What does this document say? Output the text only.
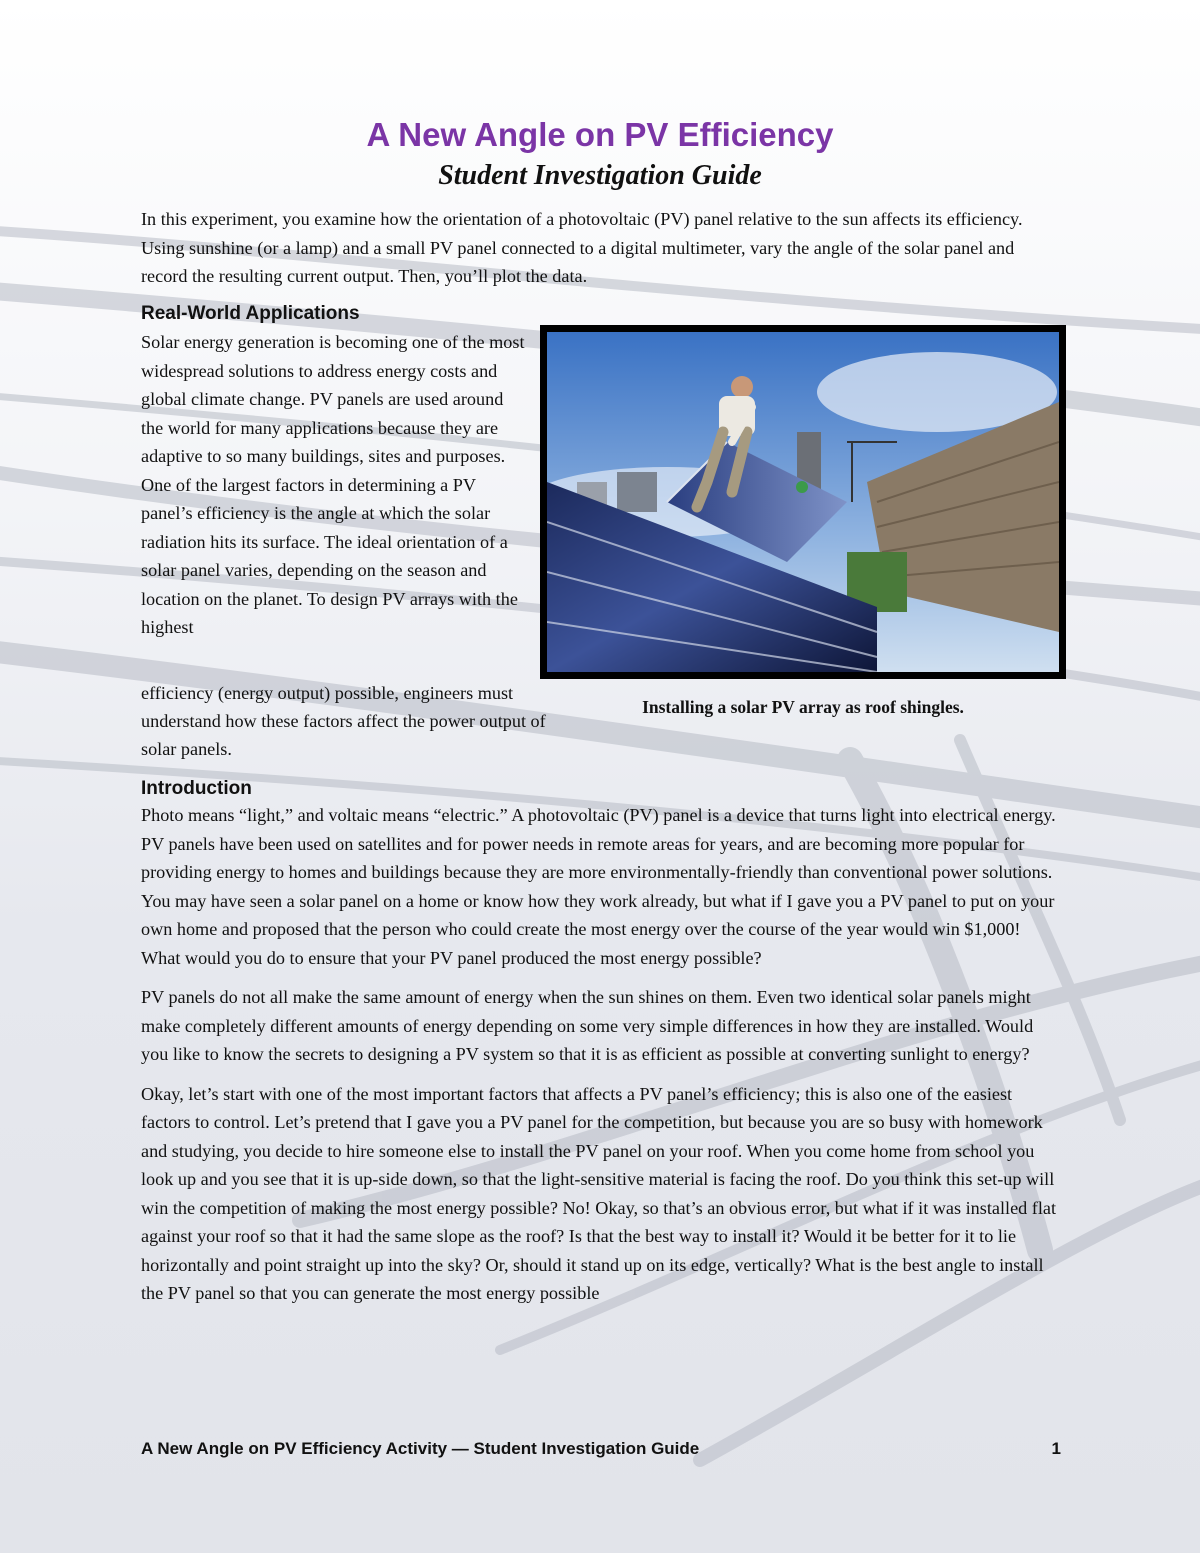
A New Angle on PV Efficiency
Student Investigation Guide

In this experiment, you examine how the orientation of a photovoltaic (PV) panel relative to the sun affects its efficiency. Using sunshine (or a lamp) and a small PV panel connected to a digital multimeter, vary the angle of the solar panel and record the resulting current output. Then, you’ll plot the data.

Real-World Applications

Solar energy generation is becoming one of the most widespread solutions to address energy costs and global climate change. PV panels are used around the world for many applications because they are adaptive to so many buildings, sites and purposes. One of the largest factors in determining a PV panel’s efficiency is the angle at which the solar radiation hits its surface. The ideal orientation of a solar panel varies, depending on the season and location on the planet. To design PV arrays with the highest

efficiency (energy output) possible, engineers must understand how these factors affect the power output of solar panels.

Installing a solar PV array as roof shingles.

Introduction

Photo means “light,” and voltaic means “electric.” A photovoltaic (PV) panel is a device that turns light into electrical energy. PV panels have been used on satellites and for power needs in remote areas for years, and are becoming more popular for providing energy to homes and buildings because they are more environmentally-friendly than conventional power solutions. You may have seen a solar panel on a home or know how they work already, but what if I gave you a PV panel to put on your own home and proposed that the person who could create the most energy over the course of the year would win $1,000! What would you do to ensure that your PV panel produced the most energy possible?

PV panels do not all make the same amount of energy when the sun shines on them. Even two identical solar panels might make completely different amounts of energy depending on some very simple differences in how they are installed. Would you like to know the secrets to designing a PV system so that it is as efficient as possible at converting sunlight to energy?

Okay, let’s start with one of the most important factors that affects a PV panel’s efficiency; this is also one of the easiest factors to control. Let’s pretend that I gave you a PV panel for the competition, but because you are so busy with homework and studying, you decide to hire someone else to install the PV panel on your roof. When you come home from school you look up and you see that it is up-side down, so that the light-sensitive material is facing the roof. Do you think this set-up will win the competition of making the most energy possible? No! Okay, so that’s an obvious error, but what if it was installed flat against your roof so that it had the same slope as the roof? Is that the best way to install it? Would it be better for it to lie horizontally and point straight up into the sky? Or, should it stand up on its edge, vertically? What is the best angle to install the PV panel so that you can generate the most energy possible

A New Angle on PV Efficiency Activity — Student Investigation Guide	1
